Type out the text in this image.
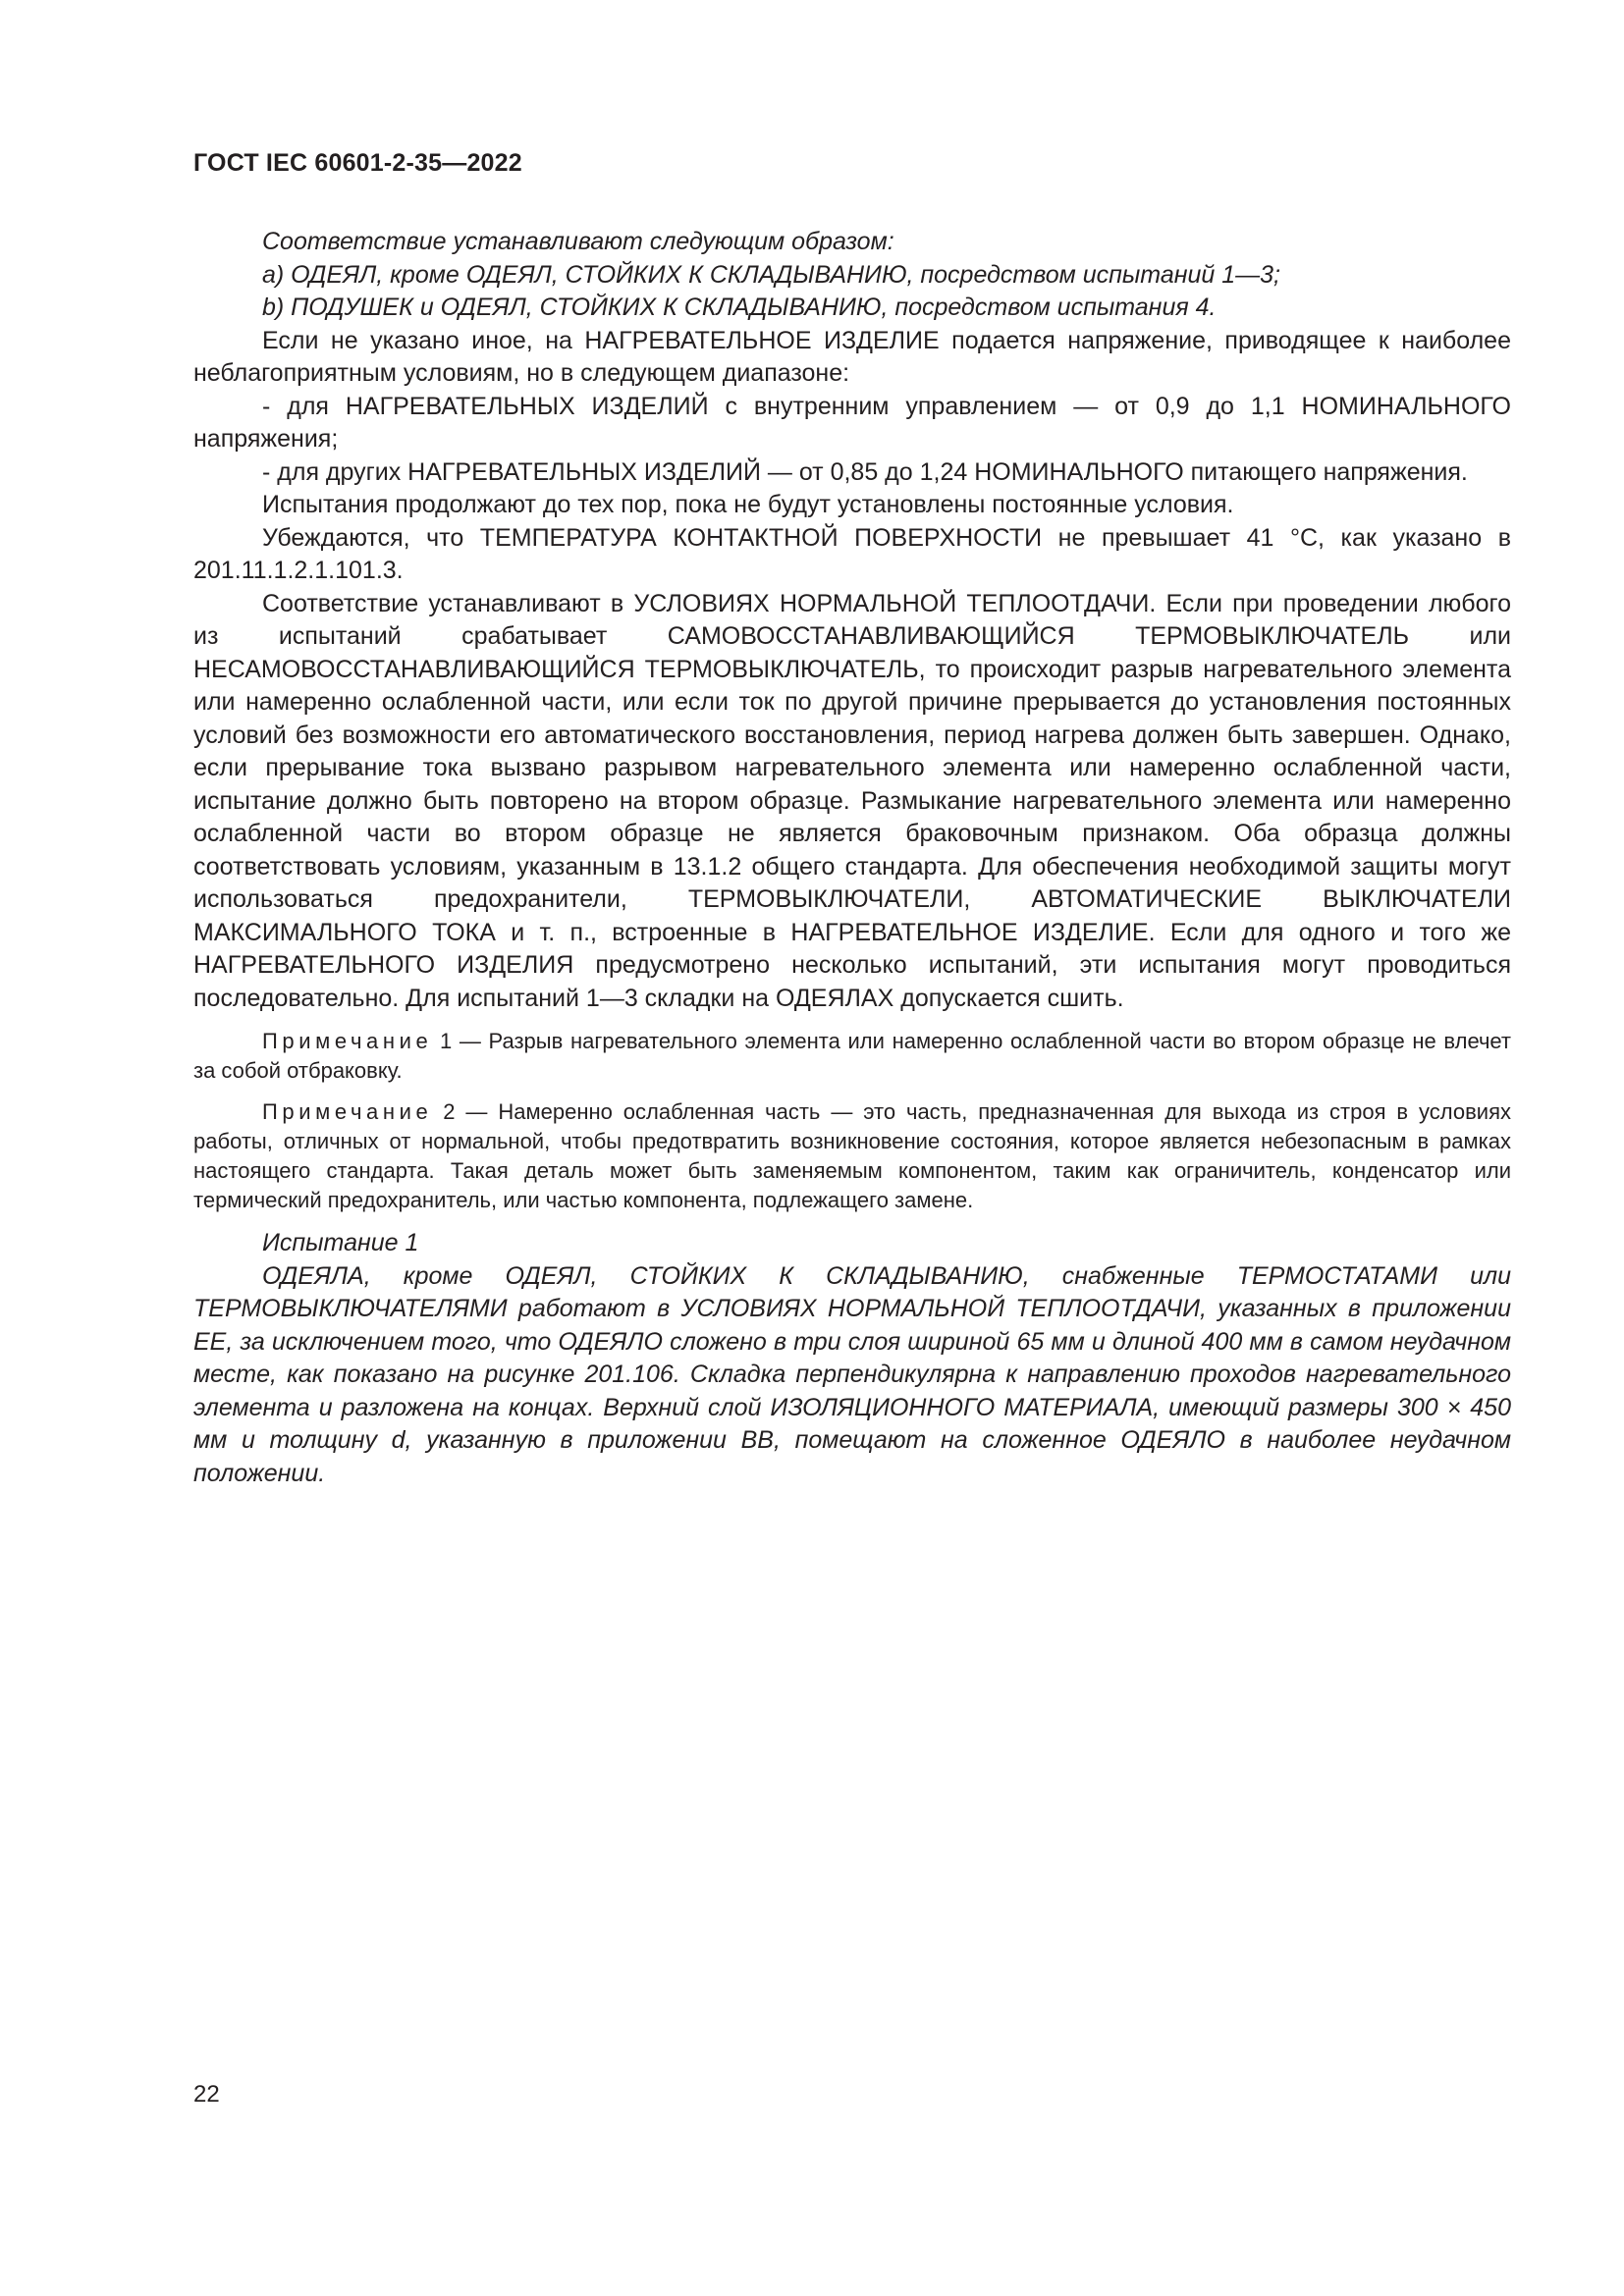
ГОСТ IEC 60601-2-35—2022

Соответствие устанавливают следующим образом:

a) ОДЕЯЛ, кроме ОДЕЯЛ, СТОЙКИХ К СКЛАДЫВАНИЮ, посредством испытаний 1—3;

b) ПОДУШЕК и ОДЕЯЛ, СТОЙКИХ К СКЛАДЫВАНИЮ, посредством испытания 4.

Если не указано иное, на НАГРЕВАТЕЛЬНОЕ ИЗДЕЛИЕ подается напряжение, приводящее к наиболее неблагоприятным условиям, но в следующем диапазоне:

- для НАГРЕВАТЕЛЬНЫХ ИЗДЕЛИЙ с внутренним управлением — от 0,9 до 1,1 НОМИНАЛЬНОГО напряжения;

- для других НАГРЕВАТЕЛЬНЫХ ИЗДЕЛИЙ — от 0,85 до 1,24 НОМИНАЛЬНОГО питающего напряжения.

Испытания продолжают до тех пор, пока не будут установлены постоянные условия.

Убеждаются, что ТЕМПЕРАТУРА КОНТАКТНОЙ ПОВЕРХНОСТИ не превышает 41 °С, как указано в 201.11.1.2.1.101.3.

Соответствие устанавливают в УСЛОВИЯХ НОРМАЛЬНОЙ ТЕПЛООТДАЧИ. Если при проведении любого из испытаний срабатывает САМОВОССТАНАВЛИВАЮЩИЙСЯ ТЕРМОВЫКЛЮЧАТЕЛЬ или НЕСАМОВОССТАНАВЛИВАЮЩИЙСЯ ТЕРМОВЫКЛЮЧАТЕЛЬ, то происходит разрыв нагревательного элемента или намеренно ослабленной части, или если ток по другой причине прерывается до установления постоянных условий без возможности его автоматического восстановления, период нагрева должен быть завершен. Однако, если прерывание тока вызвано разрывом нагревательного элемента или намеренно ослабленной части, испытание должно быть повторено на втором образце. Размыкание нагревательного элемента или намеренно ослабленной части во втором образце не является браковочным признаком. Оба образца должны соответствовать условиям, указанным в 13.1.2 общего стандарта. Для обеспечения необходимой защиты могут использоваться предохранители, ТЕРМОВЫКЛЮЧАТЕЛИ, АВТОМАТИЧЕСКИЕ ВЫКЛЮЧАТЕЛИ МАКСИМАЛЬНОГО ТОКА и т. п., встроенные в НАГРЕВАТЕЛЬНОЕ ИЗДЕЛИЕ. Если для одного и того же НАГРЕВАТЕЛЬНОГО ИЗДЕЛИЯ предусмотрено несколько испытаний, эти испытания могут проводиться последовательно. Для испытаний 1—3 складки на ОДЕЯЛАХ допускается сшить.

Примечание 1 — Разрыв нагревательного элемента или намеренно ослабленной части во втором образце не влечет за собой отбраковку.

Примечание 2 — Намеренно ослабленная часть — это часть, предназначенная для выхода из строя в условиях работы, отличных от нормальной, чтобы предотвратить возникновение состояния, которое является небезопасным в рамках настоящего стандарта. Такая деталь может быть заменяемым компонентом, таким как ограничитель, конденсатор или термический предохранитель, или частью компонента, подлежащего замене.

Испытание 1

ОДЕЯЛА, кроме ОДЕЯЛ, СТОЙКИХ К СКЛАДЫВАНИЮ, снабженные ТЕРМОСТАТАМИ или ТЕРМОВЫКЛЮЧАТЕЛЯМИ работают в УСЛОВИЯХ НОРМАЛЬНОЙ ТЕПЛООТДАЧИ, указанных в приложении ЕЕ, за исключением того, что ОДЕЯЛО сложено в три слоя шириной 65 мм и длиной 400 мм в самом неудачном месте, как показано на рисунке 201.106. Складка перпендикулярна к направлению проходов нагревательного элемента и разложена на концах. Верхний слой ИЗОЛЯЦИОННОГО МАТЕРИАЛА, имеющий размеры 300 × 450 мм и толщину d, указанную в приложении ВВ, помещают на сложенное ОДЕЯЛО в наиболее неудачном положении.

22
